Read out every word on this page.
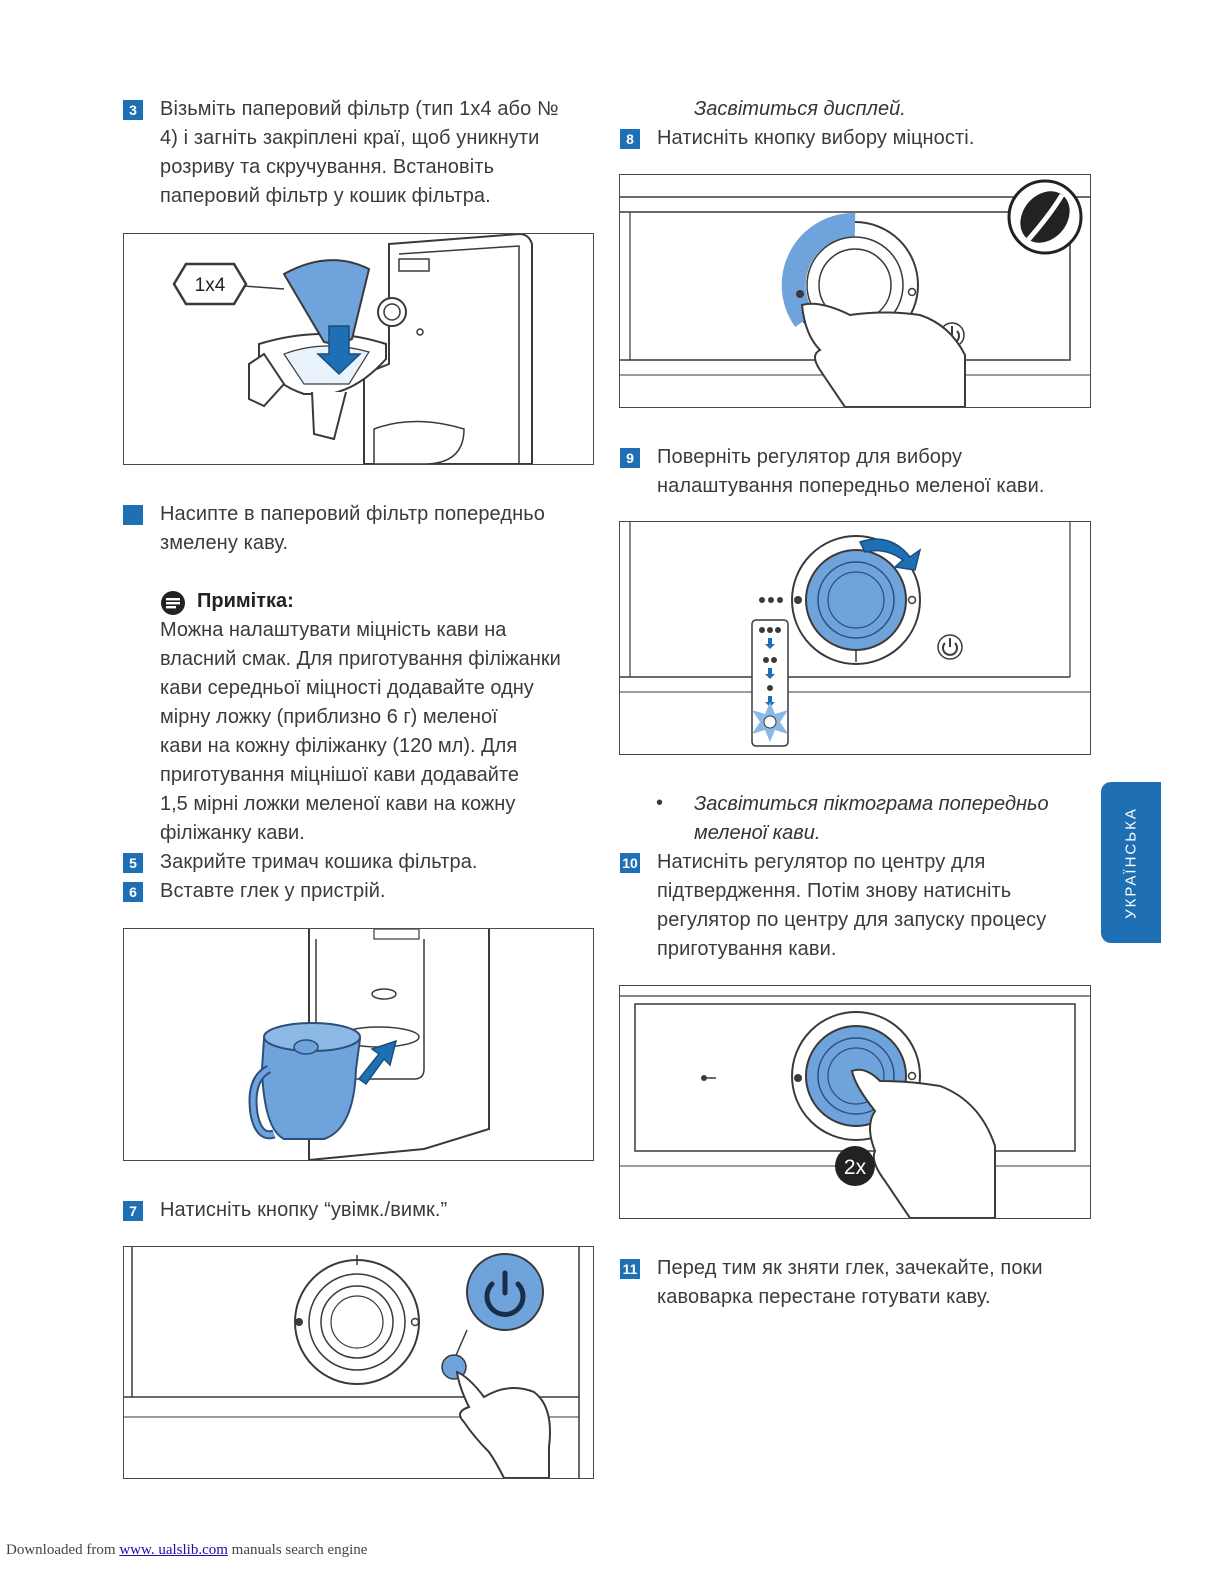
3	Візьміть паперовий фільтр (тип 1x4 або №
4) і загніть закріплені краї, щоб уникнути
розриву та скручування. Встановіть
паперовий фільтр у кошик фільтра.
1x4
Насипте в паперовий фільтр попередньо
змелену каву.
Примітка:
Можна налаштувати міцність кави на
власний смак. Для приготування філіжанки
кави середньої міцності додавайте одну
мірну ложку (приблизно 6 г) меленої
кави на кожну філіжанку (120 мл). Для
приготування міцнішої кави додавайте
1,5 мірні ложки меленої кави на кожну
філіжанку кави.
5	Закрийте тримач кошика фільтра.
6	Вставте глек у пристрій.
7	Натисніть кнопку “увімк./вимк.”
Засвітиться дисплей.
8	Натисніть кнопку вибору міцності.
9	Поверніть регулятор для вибору
налаштування попередньо меленої кави.
• Засвітиться піктограма попередньо
меленої кави.
10 Натисніть регулятор по центру для
підтвердження. Потім знову натисніть
регулятор по центру для запуску процесу
приготування кави.
2x
11 Перед тим як зняти глек, зачекайте, поки
кавоварка перестане готувати каву.
УКРАЇНСЬКА
Downloaded from www. ualslib.com manuals search engine
